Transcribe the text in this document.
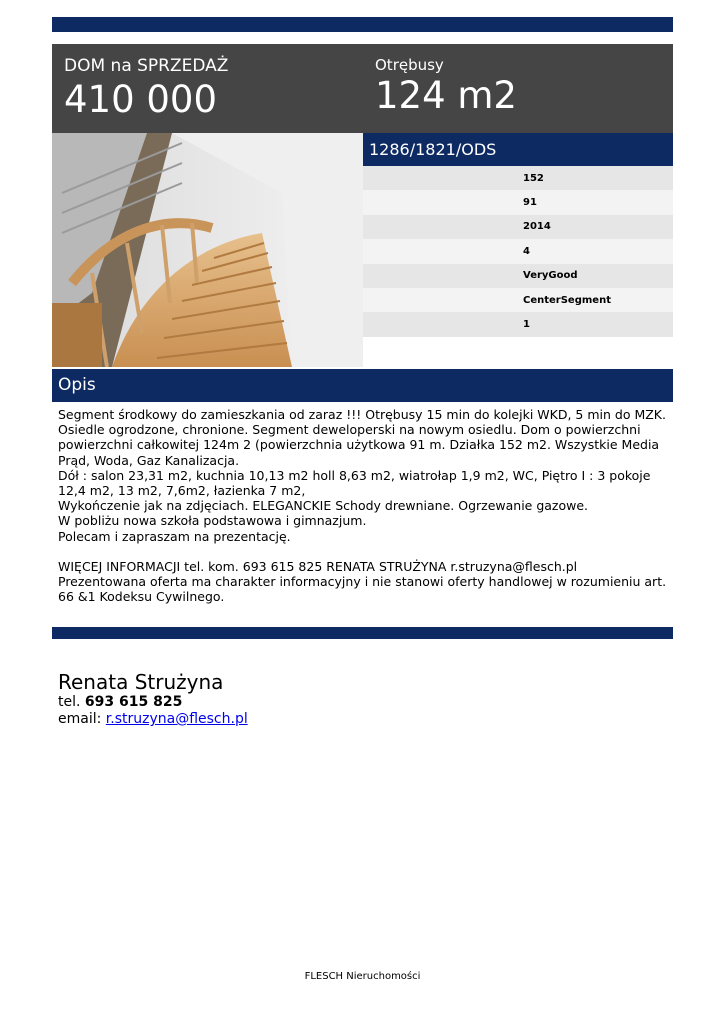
DOM na SPRZEDAŻ
410 000
Otrębusy
124 m2
1286/1821/ODS
152
91
2014
4
VeryGood
CenterSegment
1
Opis

Segment środkowy do zamieszkania od zaraz !!! Otrębusy 15 min do kolejki WKD, 5 min do MZK.

Osiedle ogrodzone, chronione. Segment deweloperski na nowym osiedlu. Dom o powierzchni

powierzchni całkowitej 124m 2 (powierzchnia użytkowa 91 m. Działka 152 m2. Wszystkie Media

Prąd, Woda, Gaz Kanalizacja.

Dół : salon 23,31 m2, kuchnia 10,13 m2 holl 8,63 m2, wiatrołap 1,9 m2, WC, Piętro I : 3 pokoje

12,4 m2, 13 m2, 7,6m2, łazienka 7 m2,

Wykończenie jak na zdjęciach. ELEGANCKIE Schody drewniane. Ogrzewanie gazowe.

W pobliżu nowa szkoła podstawowa i gimnazjum.

Polecam i zapraszam na prezentację.

WIĘCEJ INFORMACJI tel. kom. 693 615 825 RENATA STRUŻYNA r.struzyna@flesch.pl

Prezentowana oferta ma charakter informacyjny i nie stanowi oferty handlowej w rozumieniu art.

66 &1 Kodeksu Cywilnego.

Renata Strużyna
tel. 693 615 825
email: r.struzyna@flesch.pl
FLESCH Nieruchomości
